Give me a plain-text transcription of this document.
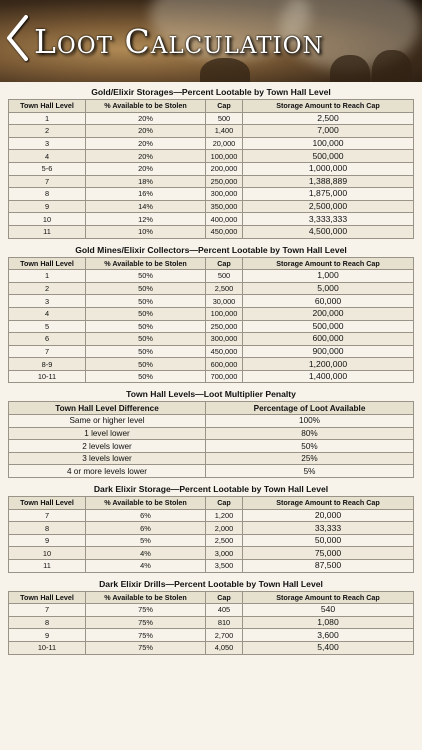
Loot Calculation
Gold/Elixir Storages—Percent Lootable by Town Hall Level
Town Hall Level	% Available to be Stolen	Cap	Storage Amount to Reach Cap
1	20%	500	2,500
2	20%	1,400	7,000
3	20%	20,000	100,000
4	20%	100,000	500,000
5-6	20%	200,000	1,000,000
7	18%	250,000	1,388,889
8	16%	300,000	1,875,000
9	14%	350,000	2,500,000
10	12%	400,000	3,333,333
11	10%	450,000	4,500,000
Gold Mines/Elixir Collectors—Percent Lootable by Town Hall Level
Town Hall Level	% Available to be Stolen	Cap	Storage Amount to Reach Cap
1	50%	500	1,000
2	50%	2,500	5,000
3	50%	30,000	60,000
4	50%	100,000	200,000
5	50%	250,000	500,000
6	50%	300,000	600,000
7	50%	450,000	900,000
8-9	50%	600,000	1,200,000
10-11	50%	700,000	1,400,000
Town Hall Levels—Loot Multiplier Penalty
Town Hall Level Difference	Percentage of Loot Available
Same or higher level	100%
1 level lower	80%
2 levels lower	50%
3 levels lower	25%
4 or more levels lower	5%
Dark Elixir Storage—Percent Lootable by Town Hall Level
Town Hall Level	% Available to be Stolen	Cap	Storage Amount to Reach Cap
7	6%	1,200	20,000
8	6%	2,000	33,333
9	5%	2,500	50,000
10	4%	3,000	75,000
11	4%	3,500	87,500
Dark Elixir Drills—Percent Lootable by Town Hall Level
Town Hall Level	% Available to be Stolen	Cap	Storage Amount to Reach Cap
7	75%	405	540
8	75%	810	1,080
9	75%	2,700	3,600
10-11	75%	4,050	5,400
